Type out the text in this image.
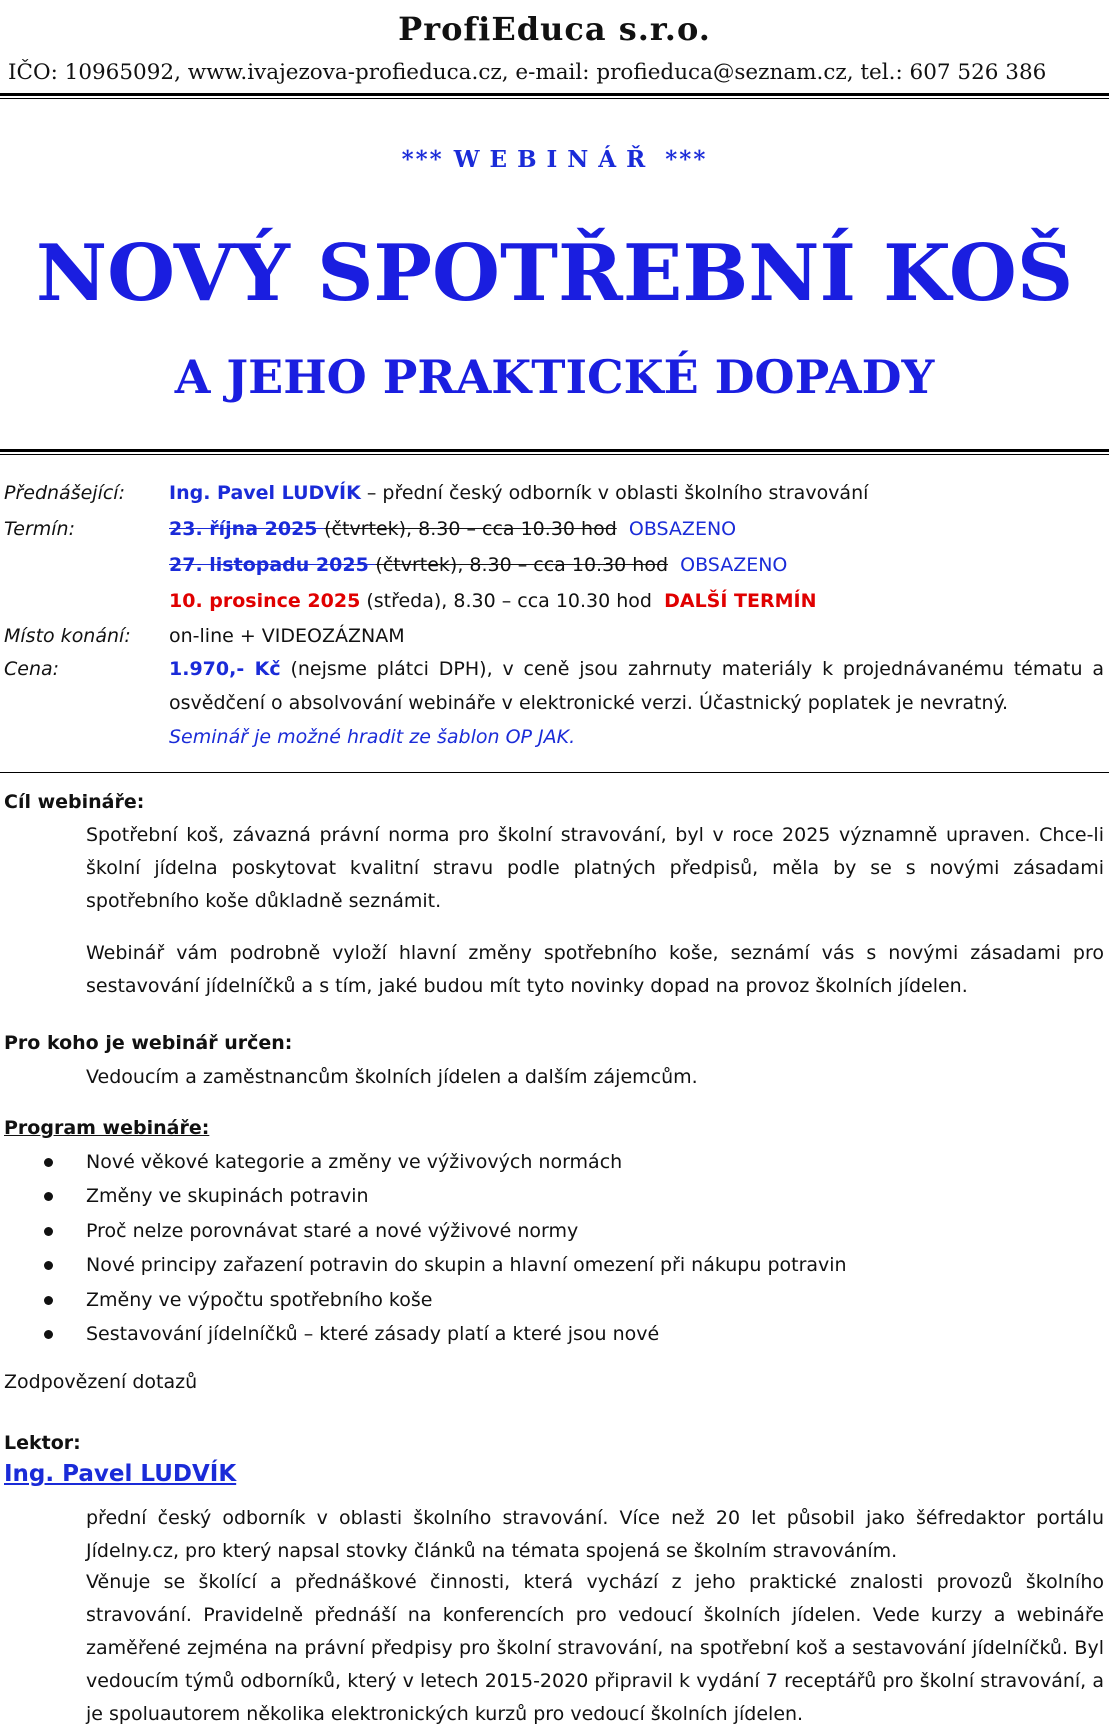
ProfiEduca s.r.o.
IČO: 10965092, www.ivajezova-profieduca.cz, e-mail: profieduca@seznam.cz, tel.: 607 526 386
*** WEBINÁŘ ***
NOVÝ SPOTŘEBNÍ KOŠ
A JEHO PRAKTICKÉ DOPADY
Přednášející: Ing. Pavel LUDVÍK – přední český odborník v oblasti školního stravování
Termín:	23. října 2025 (čtvrtek), 8.30 – cca 10.30 hod OBSAZENO
27. listopadu 2025 (čtvrtek), 8.30 – cca 10.30 hod OBSAZENO
10. prosince 2025 (středa), 8.30 – cca 10.30 hod DALŠÍ TERMÍN
Místo konání: on-line + VIDEOZÁZNAM
Cena:	1.970,- Kč (nejsme plátci DPH), v ceně jsou zahrnuty materiály k projednávanému tématu a osvědčení o absolvování webináře v elektronické verzi. Účastnický poplatek je nevratný.
Seminář je možné hradit ze šablon OP JAK.
Cíl webináře:
Spotřební koš, závazná právní norma pro školní stravování, byl v roce 2025 významně upraven. Chce-li školní jídelna poskytovat kvalitní stravu podle platných předpisů, měla by se s novými zásadami spotřebního koše důkladně seznámit.
Webinář vám podrobně vyloží hlavní změny spotřebního koše, seznámí vás s novými zásadami pro sestavování jídelníčků a s tím, jaké budou mít tyto novinky dopad na provoz školních jídelen.
Pro koho je webinář určen:
Vedoucím a zaměstnancům školních jídelen a dalším zájemcům.
Program webináře:
Nové věkové kategorie a změny ve výživových normách
Změny ve skupinách potravin
Proč nelze porovnávat staré a nové výživové normy
Nové principy zařazení potravin do skupin a hlavní omezení při nákupu potravin
Změny ve výpočtu spotřebního koše
Sestavování jídelníčků – které zásady platí a které jsou nové
Zodpovězení dotazů
Lektor:
Ing. Pavel LUDVÍK
přední český odborník v oblasti školního stravování. Více než 20 let působil jako šéfredaktor portálu Jídelny.cz, pro který napsal stovky článků na témata spojená se školním stravováním.
Věnuje se školící a přednáškové činnosti, která vychází z jeho praktické znalosti provozů školního stravování. Pravidelně přednáší na konferencích pro vedoucí školních jídelen. Vede kurzy a webináře zaměřené zejména na právní předpisy pro školní stravování, na spotřební koš a sestavování jídelníčků. Byl vedoucím týmů odborníků, který v letech 2015-2020 připravil k vydání 7 receptářů pro školní stravování, a je spoluautorem několika elektronických kurzů pro vedoucí školních jídelen.
